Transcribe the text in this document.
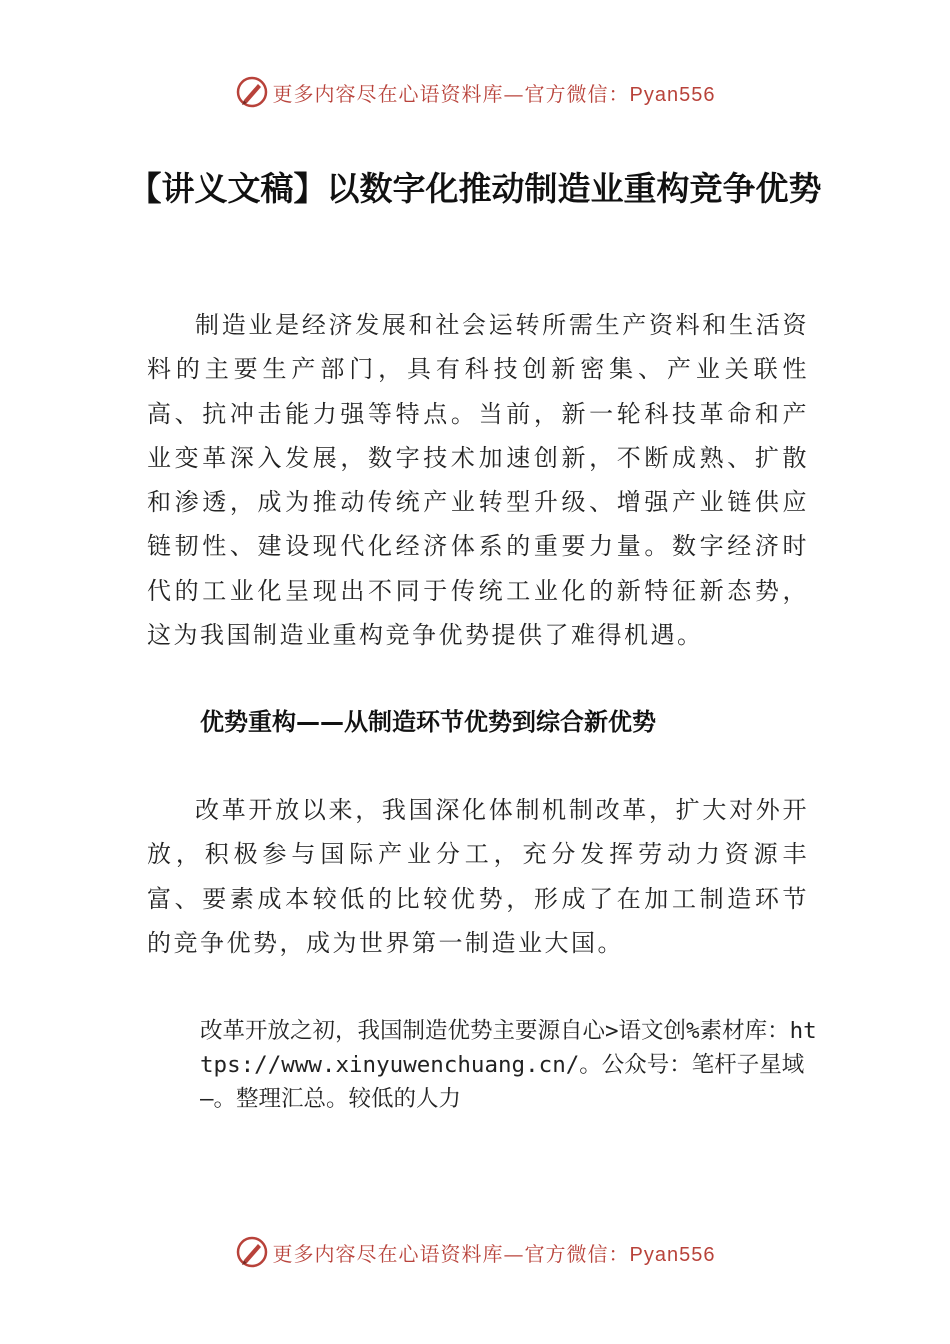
更多内容尽在心语资料库—官方微信：Pyan556
【讲义文稿】以数字化推动制造业重构竞争优势
制造业是经济发展和社会运转所需生产资料和生活资料的主要生产部门，具有科技创新密集、产业关联性高、抗冲击能力强等特点。当前，新一轮科技革命和产业变革深入发展，数字技术加速创新，不断成熟、扩散和渗透，成为推动传统产业转型升级、增强产业链供应链韧性、建设现代化经济体系的重要力量。数字经济时代的工业化呈现出不同于传统工业化的新特征新态势，这为我国制造业重构竞争优势提供了难得机遇。
优势重构——从制造环节优势到综合新优势
改革开放以来，我国深化体制机制改革，扩大对外开放，积极参与国际产业分工，充分发挥劳动力资源丰富、要素成本较低的比较优势，形成了在加工制造环节的竞争优势，成为世界第一制造业大国。
改革开放之初，我国制造优势主要源自心>语文创%素材库：https://www.xinyuwenchuang.cn/。公众号：笔杆子星域—。整理汇总。较低的人力
更多内容尽在心语资料库—官方微信：Pyan556
